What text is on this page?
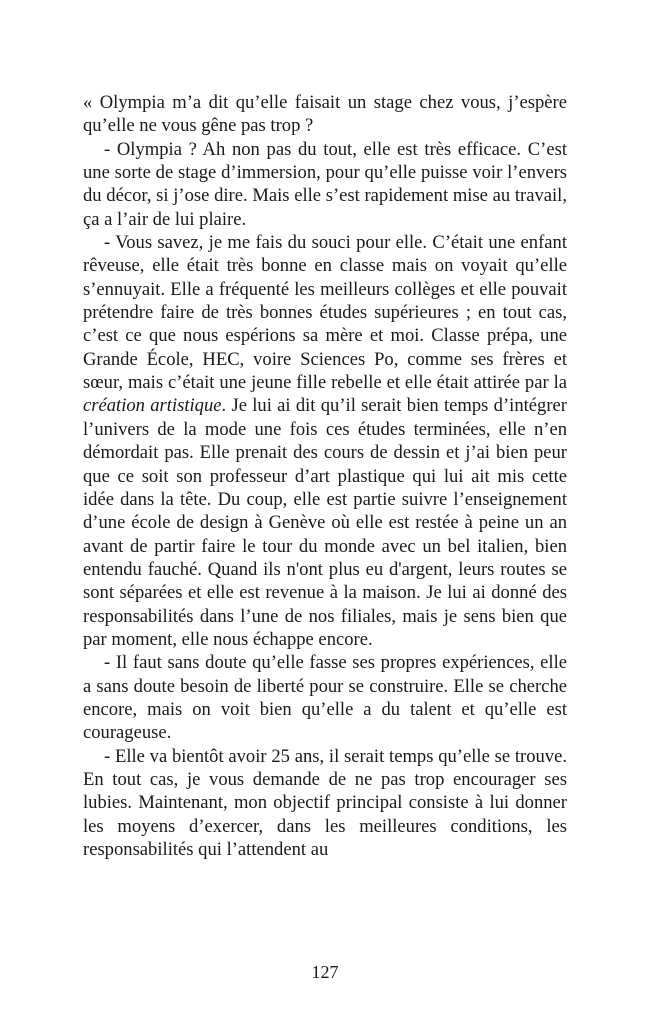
« Olympia m’a dit qu’elle faisait un stage chez vous, j’espère qu’elle ne vous gêne pas trop ?

- Olympia ? Ah non pas du tout, elle est très efficace. C’est une sorte de stage d’immersion, pour qu’elle puisse voir l’envers du décor, si j’ose dire. Mais elle s’est rapidement mise au travail, ça a l’air de lui plaire.

- Vous savez, je me fais du souci pour elle. C’était une enfant rêveuse, elle était très bonne en classe mais on voyait qu’elle s’ennuyait. Elle a fréquenté les meilleurs collèges et elle pouvait prétendre faire de très bonnes études supérieures ; en tout cas, c’est ce que nous espérions sa mère et moi. Classe prépa, une Grande École, HEC, voire Sciences Po, comme ses frères et sœur, mais c’était une jeune fille rebelle et elle était attirée par la création artistique. Je lui ai dit qu’il serait bien temps d’intégrer l’univers de la mode une fois ces études terminées, elle n’en démordait pas. Elle prenait des cours de dessin et j’ai bien peur que ce soit son professeur d’art plastique qui lui ait mis cette idée dans la tête. Du coup, elle est partie suivre l’enseignement d’une école de design à Genève où elle est restée à peine un an avant de partir faire le tour du monde avec un bel italien, bien entendu fauché. Quand ils n'ont plus eu d'argent, leurs routes se sont séparées et elle est revenue à la maison. Je lui ai donné des responsabilités dans l’une de nos filiales, mais je sens bien que par moment, elle nous échappe encore.

- Il faut sans doute qu’elle fasse ses propres expériences, elle a sans doute besoin de liberté pour se construire. Elle se cherche encore, mais on voit bien qu’elle a du talent et qu’elle est courageuse.

- Elle va bientôt avoir 25 ans, il serait temps qu’elle se trouve. En tout cas, je vous demande de ne pas trop encourager ses lubies. Maintenant, mon objectif principal consiste à lui donner les moyens d’exercer, dans les meilleures conditions, les responsabilités qui l’attendent au

127
